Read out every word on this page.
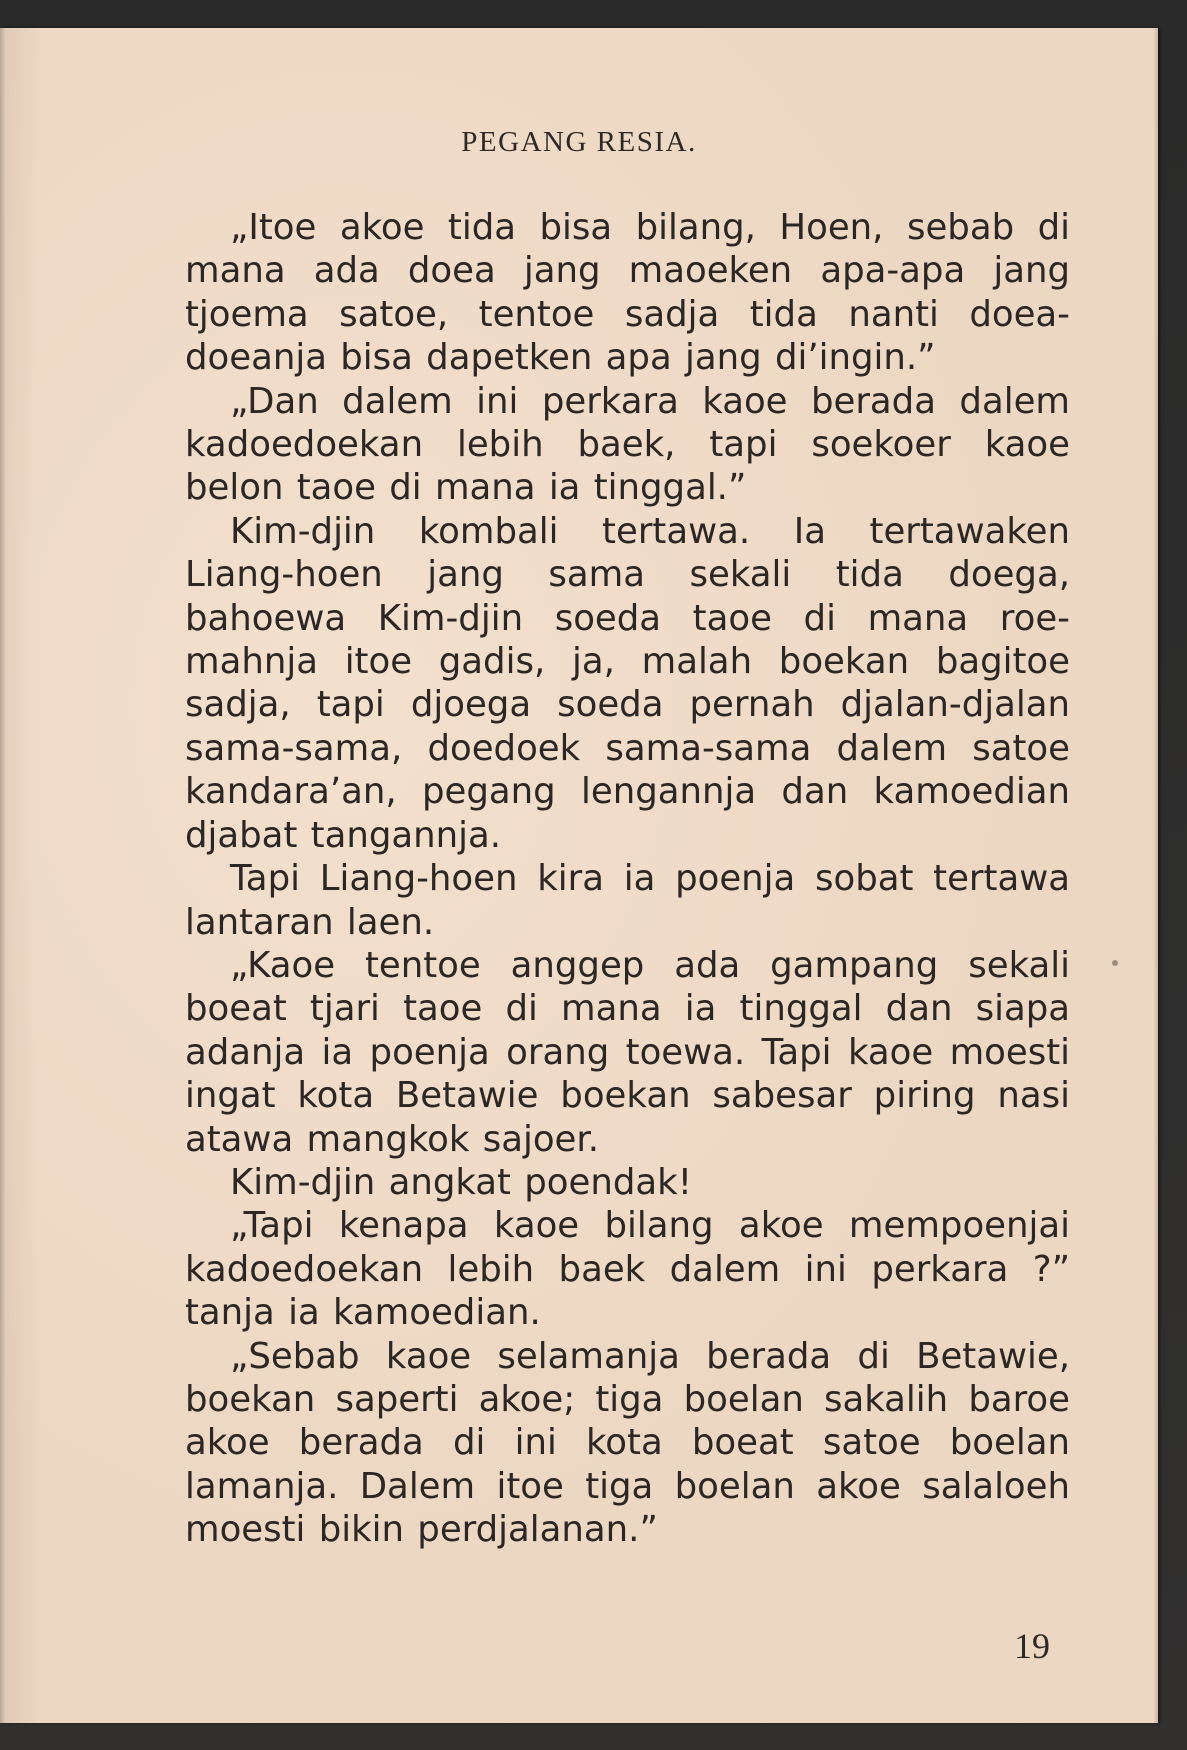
PEGANG RESIA.

„Itoe akoe tida bisa bilang, Hoen, sebab di mana ada doea jang maoeken apa-apa jang tjoema satoe, tentoe sadja tida nanti doea-doeanja bisa dapetken apa jang di’ingin.”

„Dan dalem ini perkara kaoe berada dalem kadoedoekan lebih baek, tapi soekoer kaoe belon taoe di mana ia tinggal.”

Kim-djin kombali tertawa. Ia tertawaken Liang-hoen jang sama sekali tida doega, bahoewa Kim-djin soeda taoe di mana roe-mahnja itoe gadis, ja, malah boekan bagitoe sadja, tapi djoega soeda pernah djalan-djalan sama-sama, doedoek sama-sama dalem satoe kandara’an, pegang lengannja dan kamoedian djabat tangannja.

Tapi Liang-hoen kira ia poenja sobat tertawa lantaran laen.

„Kaoe tentoe anggep ada gampang sekali boeat tjari taoe di mana ia tinggal dan siapa adanja ia poenja orang toewa. Tapi kaoe moesti ingat kota Betawie boekan sabesar piring nasi atawa mangkok sajoer.

Kim-djin angkat poendak!

„Tapi kenapa kaoe bilang akoe mempoenjai kadoedoekan lebih baek dalem ini perkara ?” tanja ia kamoedian.

„Sebab kaoe selamanja berada di Betawie, boekan saperti akoe; tiga boelan sakalih baroe akoe berada di ini kota boeat satoe boelan lamanja. Dalem itoe tiga boelan akoe salaloeh moesti bikin perdjalanan.”

19
